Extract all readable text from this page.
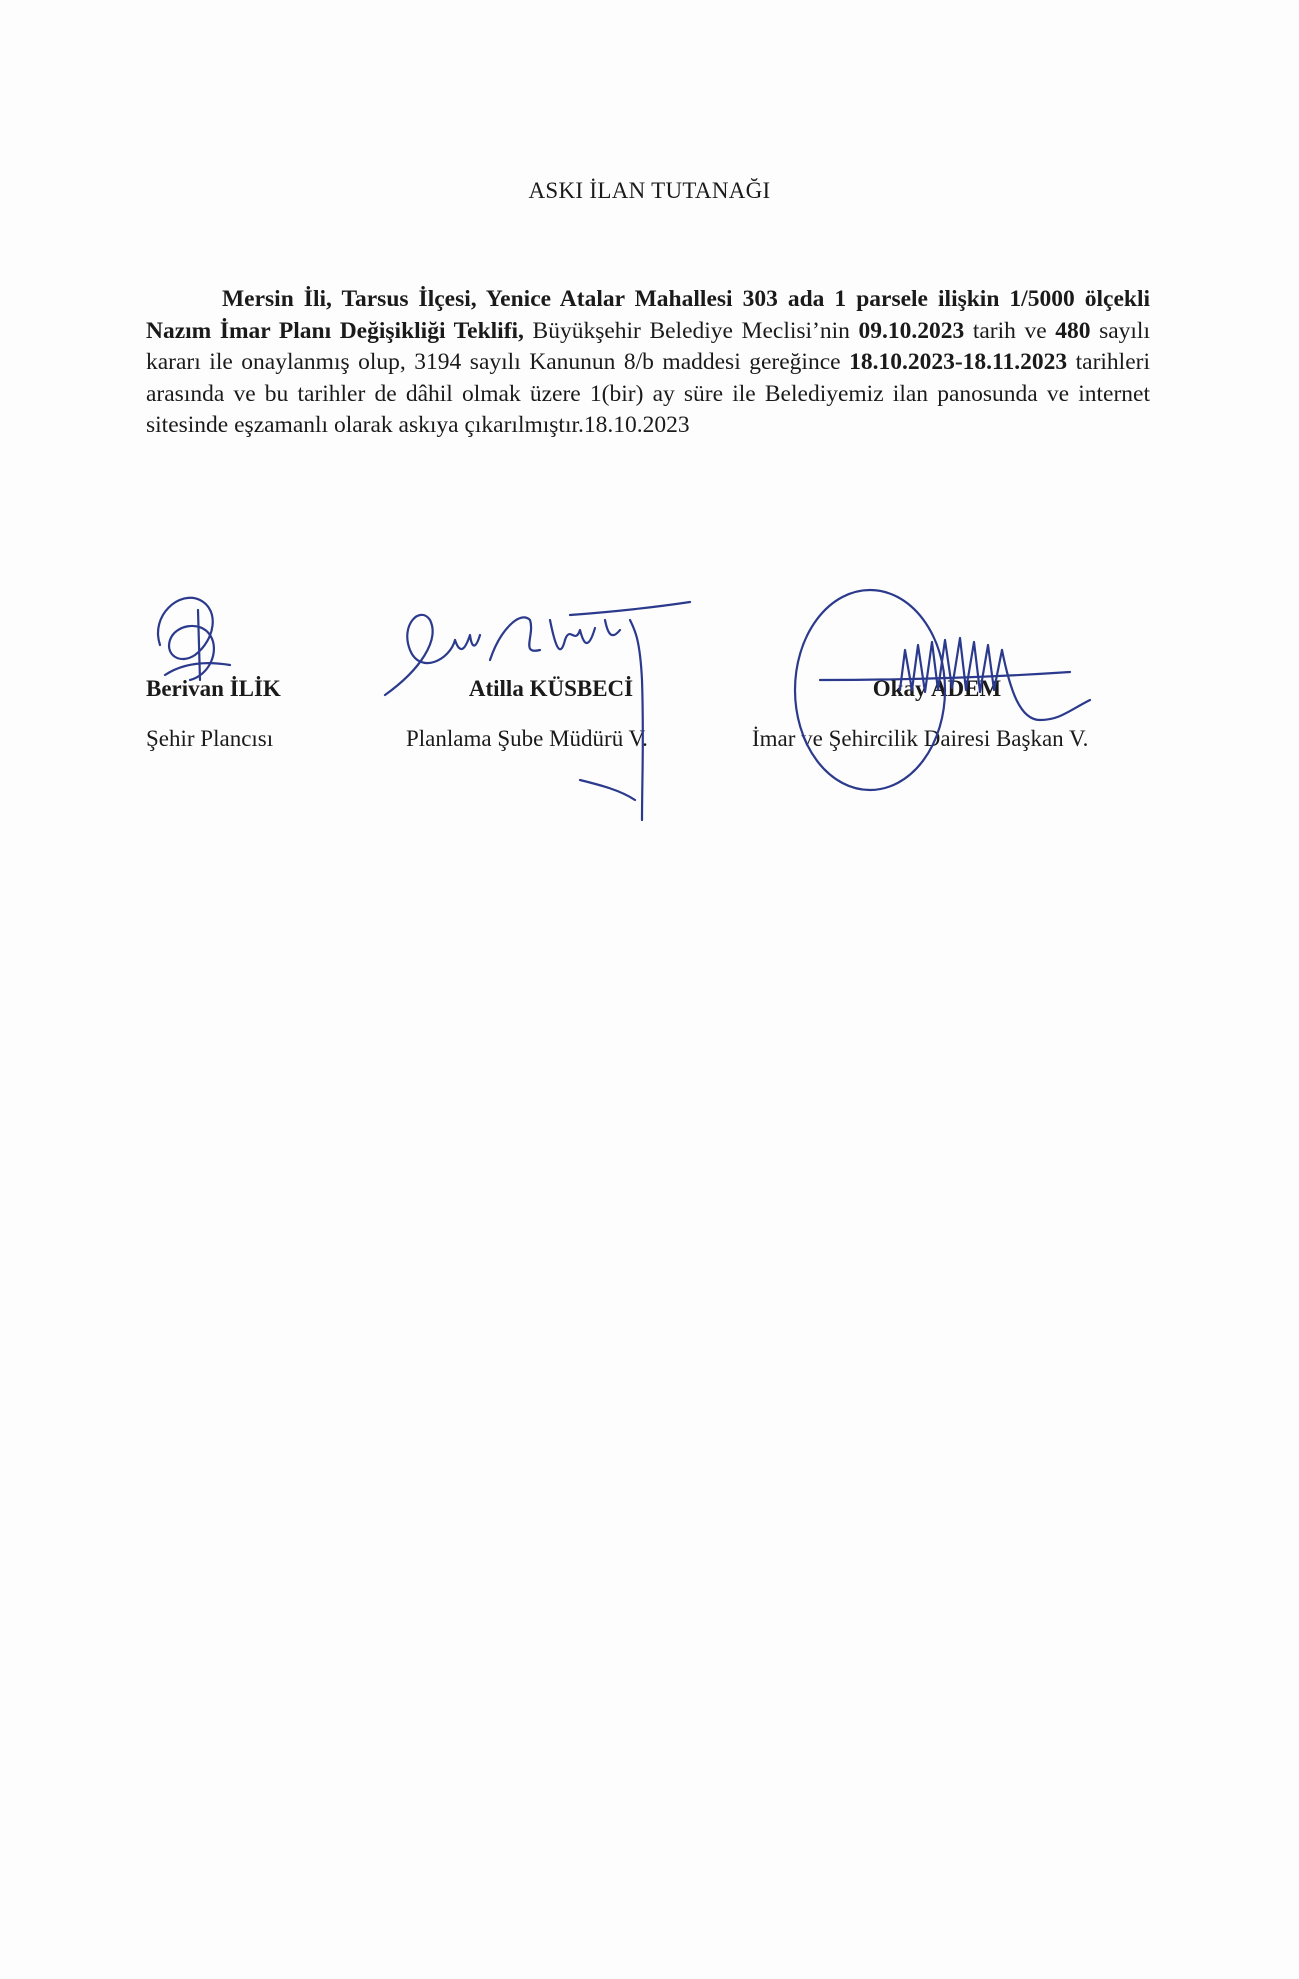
ASKI İLAN TUTANAĞI
Mersin İli, Tarsus İlçesi, Yenice Atalar Mahallesi 303 ada 1 parsele ilişkin 1/5000 ölçekli Nazım İmar Planı Değişikliği Teklifi, Büyükşehir Belediye Meclisi’nin 09.10.2023 tarih ve 480 sayılı kararı ile onaylanmış olup, 3194 sayılı Kanunun 8/b maddesi gereğince 18.10.2023-18.11.2023 tarihleri arasında ve bu tarihler de dâhil olmak üzere 1(bir) ay süre ile Belediyemiz ilan panosunda ve internet sitesinde eşzamanlı olarak askıya çıkarılmıştır.18.10.2023
Berivan İLİK
Şehir Plancısı
Atilla KÜSBECİ
Planlama Şube Müdürü V.
Okay ADEM
İmar ve Şehircilik Dairesi Başkan V.
